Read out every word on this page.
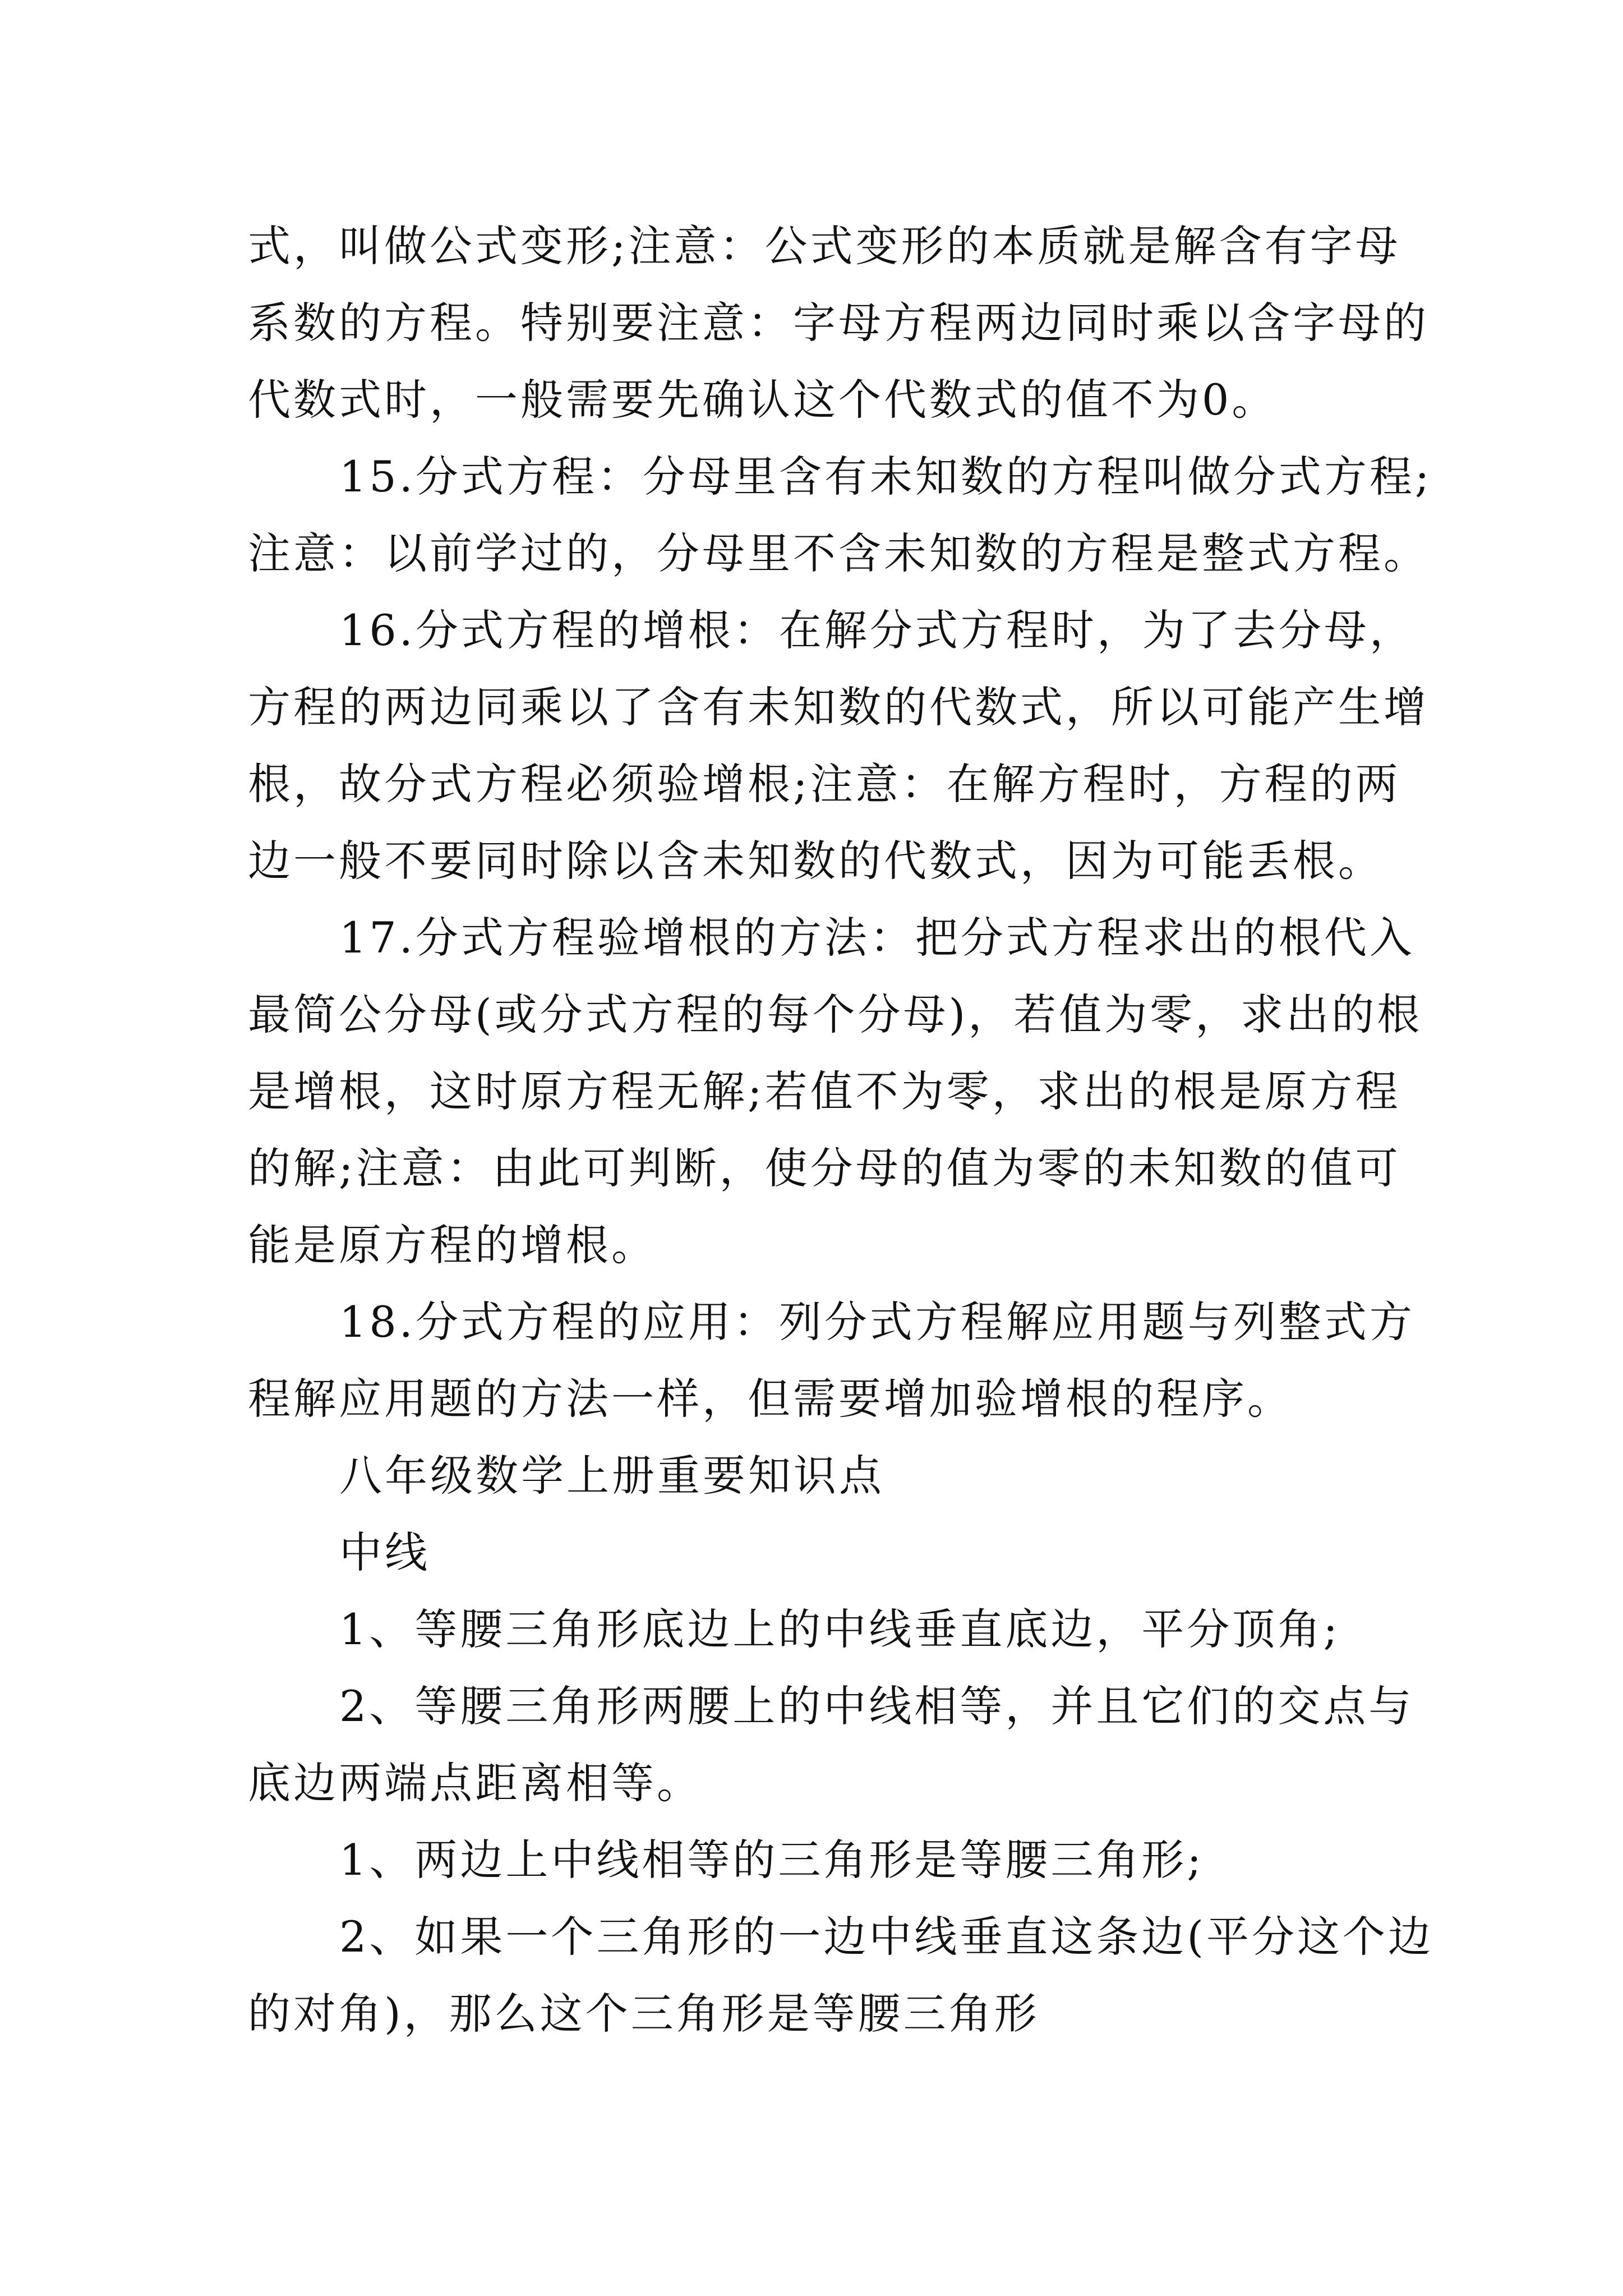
式，叫做公式变形;注意：公式变形的本质就是解含有字母
系数的方程。特别要注意：字母方程两边同时乘以含字母的
代数式时，一般需要先确认这个代数式的值不为0。
15.分式方程：分母里含有未知数的方程叫做分式方程;
注意：以前学过的，分母里不含未知数的方程是整式方程。
16.分式方程的增根：在解分式方程时，为了去分母，
方程的两边同乘以了含有未知数的代数式，所以可能产生增
根，故分式方程必须验增根;注意：在解方程时，方程的两
边一般不要同时除以含未知数的代数式，因为可能丢根。
17.分式方程验增根的方法：把分式方程求出的根代入
最简公分母(或分式方程的每个分母)，若值为零，求出的根
是增根，这时原方程无解;若值不为零，求出的根是原方程
的解;注意：由此可判断，使分母的值为零的未知数的值可
能是原方程的增根。
18.分式方程的应用：列分式方程解应用题与列整式方
程解应用题的方法一样，但需要增加验增根的程序。
八年级数学上册重要知识点
中线
1、等腰三角形底边上的中线垂直底边，平分顶角;
2、等腰三角形两腰上的中线相等，并且它们的交点与
底边两端点距离相等。
1、两边上中线相等的三角形是等腰三角形;
2、如果一个三角形的一边中线垂直这条边(平分这个边
的对角)，那么这个三角形是等腰三角形
